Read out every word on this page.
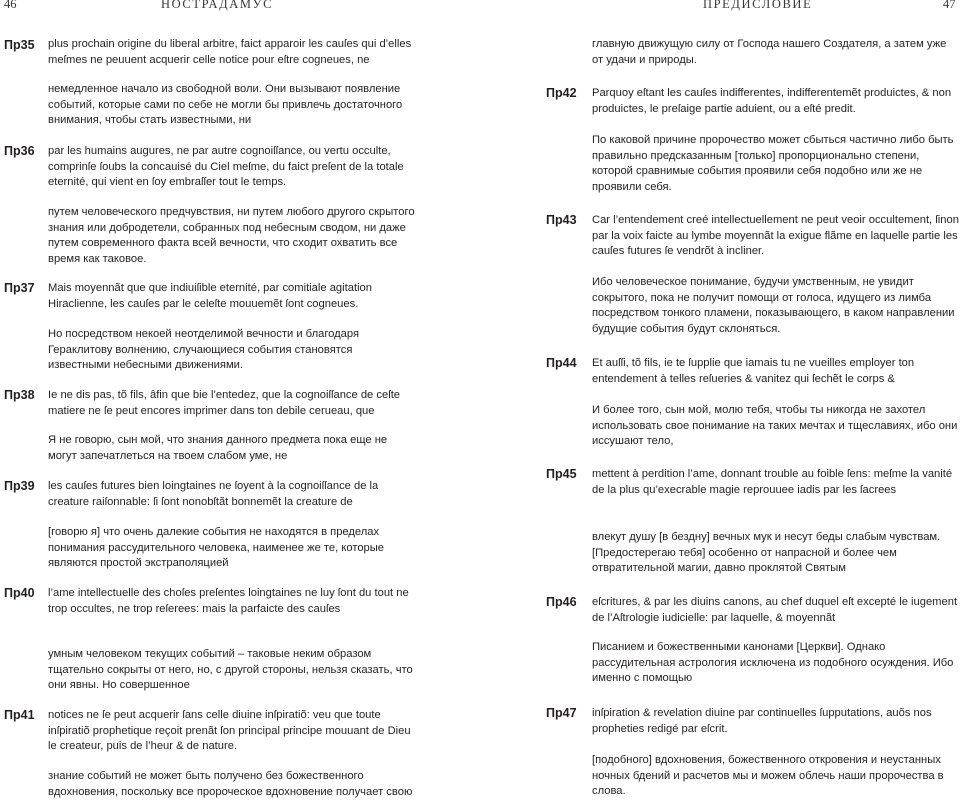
46	НОСТРАДАМУС
Пр35
Пр36
Пр37
Пр38
Пр39
Пр40
Пр41
plus prochain origine du liberal arbitre, faict apparoir les cauſes qui d’elles meſmes ne peuuent acquerir celle notice pour eſtre cogneues, ne
немедленное начало из свободной воли. Они вызывают появление событий, которые сами по себе не могли бы привлечь достаточного внимания, чтобы стать известными, ни
par les humains augures, ne par autre cognoiſſance, ou vertu occulte, comprinſe ſoubs la concauisé du Ciel meſme, du faict preſent de la totale eternité, qui vient en ſoy embraſſer tout le temps.
путем человеческого предчувствия, ни путем любого другого скрытого знания или добродетели, собранных под небесным сводом, ни даже путем современного факта всей вечности, что сходит охватить все время как таковое.
Mais moyennãt que quе indiuiſible eternité, par comitiale agitation Hiraclienne, les cauſes par le celeſte mouuemẽt ſont cogneues.
Но посредством некоей неотделимой вечности и благодаря Гераклитову волнению, случающиеся события становятся известными небесными движениями.
Ie ne dis pas, tõ fils, âfin que bie l’entedez, que la cognoiſſance de ceſte matiere ne ſe peut encores imprimer dans ton debile cerueau, que
Я не говорю, сын мой, что знания данного предмета пока еще не могут запечатлеться на твоем слабом уме, не
les cauſes futures bien loingtaines ne ſoyent à la cognoiſſance de la creature raiſonnable: ſi ſont nonobſtãt bonnemẽt la creature de
[говорю я] что очень далекие события не находятся в пределах понимания рассудительного человека, наименее же те, которые являются простой экстраполяцией
l’ame intellectuelle des choſes preſentes loingtaines ne luy ſont du tout ne trop occultes, ne trop reſerees: mais la parfaicte des cauſes
умным человеком текущих событий – таковые неким образом тщательно сокрыты от него, но, с другой стороны, нельзя сказать, что они явны. Но совершенное
notices ne ſe peut acquerir ſans celle diuine inſpiratiõ: veu que toute inſpiratiõ prophetique reçoit prenãt ſon principal principe mouuant de Dieu le createur, puis de l’heur & de nature.
знание событий не может быть получено без божественного вдохновения, поскольку все пророческое вдохновение получает свою
ПРЕДИСЛОВИЕ	47
Пр42
Пр43
Пр44
Пр45
Пр46
Пр47
главную движущую силу от Господа нашего Создателя, а затем уже от удачи и природы.
Parquoy eſtant les cauſes indifferentes, indifferentemẽt produictes, & non produictes, le preſaige partie aduient, ou a eſté predit.
По каковой причине пророчество может сбыться частично либо быть правильно предсказанным [только] пропорционально степени, которой сравнимые события проявили себя подобно или же не проявили себя.
Car l’entendement creé intellectuellement ne peut veoir occultement, ſinon par la voix faicte au lymbe moyennãt la exigue flãme en laquelle partie les cauſes futures ſe vendrõt à incliner.
Ибо человеческое понимание, будучи умственным, не увидит сокрытого, пока не получит помощи от голоса, идущего из лимба посредством тонкого пламени, показывающего, в каком направлении будущие события будут склоняться.
Et auſſi, tõ fils, ie te ſupplie que iamais tu ne vueilles employer ton entendement à telles reſueries & vanitez qui ſechẽt le corps &
И более того, сын мой, молю тебя, чтобы ты никогда не захотел использовать свое понимание на таких мечтах и тщеславиях, ибо они иссушают тело,
mettent à perdition l’ame, donnant trouble au foible ſens: meſme la vanité de la plus qu’execrable magie reprouuee iadis par les ſacrees
влекут душу [в бездну] вечных мук и несут беды слабым чувствам. [Предостерегаю тебя] особенно от напрасной и более чем отвратительной магии, давно проклятой Святым
eſcritures, & par les diuins canons, au chef duquel eſt excepté le iugement de l’Aſtrologie iudicielle: par laquelle, & moyennãt
Писанием и божественными канонами [Церкви]. Однако рассудительная астрология исключена из подобного осуждения. Ибо именно с помощью
inſpiration & revelation diuine par continuelles ſupputations, auõs nos propheties redigé par eſcrit.
[подобного] вдохновения, божественного откровения и неустанных ночных бдений и расчетов мы и можем облечь наши пророчества в слова.
